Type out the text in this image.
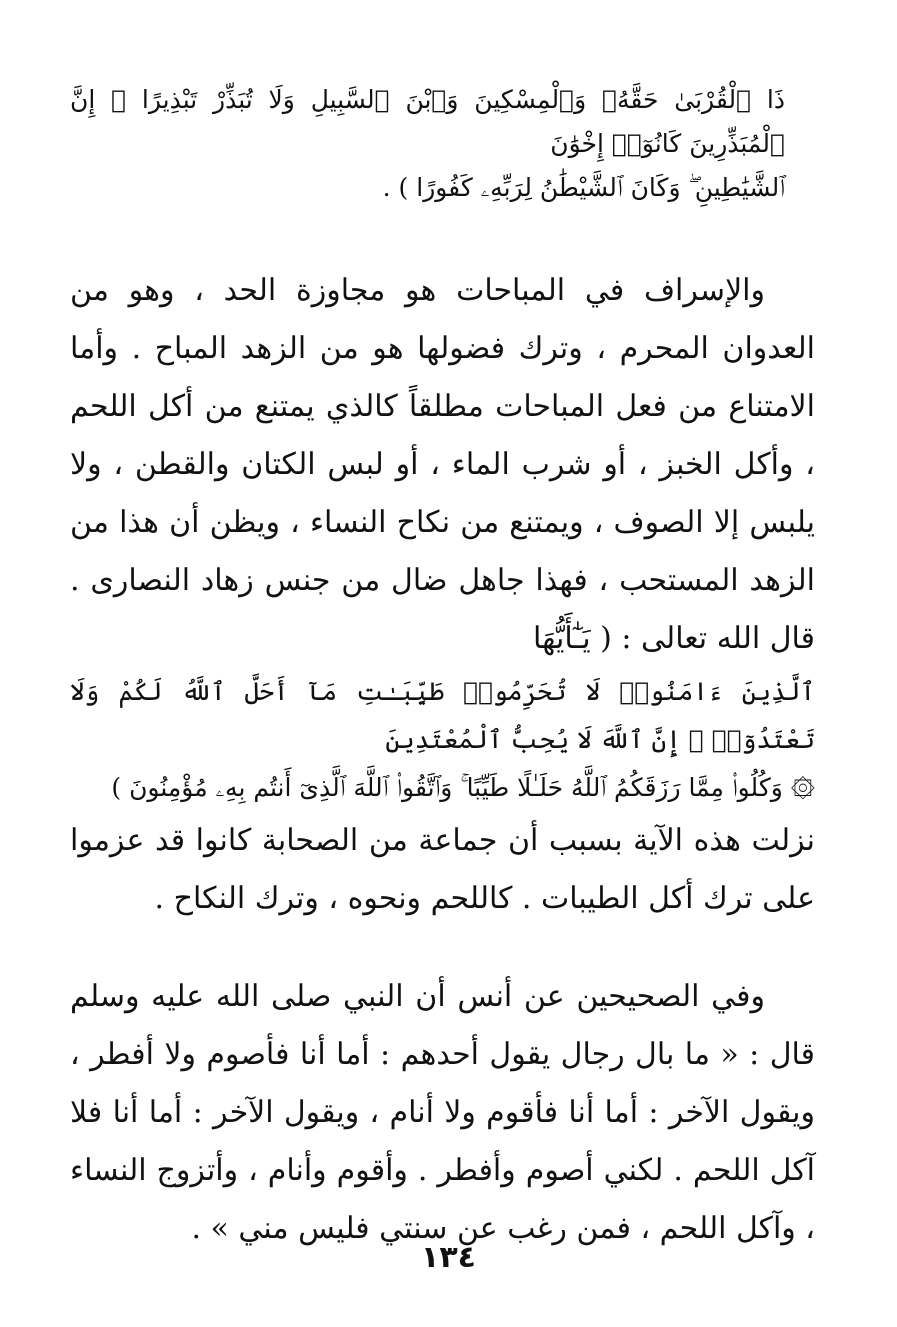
ذَا ٱلْقُرْبَىٰ حَقَّهُۥ وَٱلْمِسْكِينَ وَٱبْنَ ٱلسَّبِيلِ وَلَا تُبَذِّرْ تَبْذِيرًا ۞ إِنَّ ٱلْمُبَذِّرِينَ كَانُوٓا۟ إِخْوَٰنَ
ٱلشَّيَٰطِينِ ۖ وَكَانَ ٱلشَّيْطَٰنُ لِرَبِّهِۦ كَفُورًا ) .
والإسراف في المباحات هو مجاوزة الحد ، وهو من العدوان المحرم ، وترك فضولها هو من الزهد المباح . وأما الامتناع من فعل المباحات مطلقاً كالذي يمتنع من أكل اللحم ، وأكل الخبز ، أو شرب الماء ، أو لبس الكتان والقطن ، ولا يلبس إلا الصوف ، ويمتنع من نكاح النساء ، ويظن أن هذا من الزهد المستحب ، فهذا جاهل ضال من جنس زهاد النصارى . قال الله تعالى : ( يَـٰٓأَيُّهَا
ٱلَّذِينَ ءَامَنُوا۟ لَا تُحَرِّمُوا۟ طَيِّبَـٰتِ مَآ أَحَلَّ ٱللَّهُ لَكُمْ وَلَا تَعْتَدُوٓا۟ ۚ إِنَّ ٱللَّهَ لَا يُحِبُّ ٱلْمُعْتَدِينَ
۞ وَكُلُوا۟ مِمَّا رَزَقَكُمُ ٱللَّهُ حَلَـٰلًا طَيِّبًا ۚ وَٱتَّقُوا۟ ٱللَّهَ ٱلَّذِىٓ أَنتُم بِهِۦ مُؤْمِنُونَ )
نزلت هذه الآية بسبب أن جماعة من الصحابة كانوا قد عزموا على ترك أكل الطيبات . كاللحم ونحوه ، وترك النكاح .
وفي الصحيحين عن أنس أن النبي صلى الله عليه وسلم قال : « ما بال رجال يقول أحدهم : أما أنا فأصوم ولا أفطر ، ويقول الآخر : أما أنا فأقوم ولا أنام ، ويقول الآخر : أما أنا فلا آكل اللحم . لكني أصوم وأفطر . وأقوم وأنام ، وأتزوج النساء ، وآكل اللحم ، فمن رغب عن سنتي فليس مني » .
١٣٤
